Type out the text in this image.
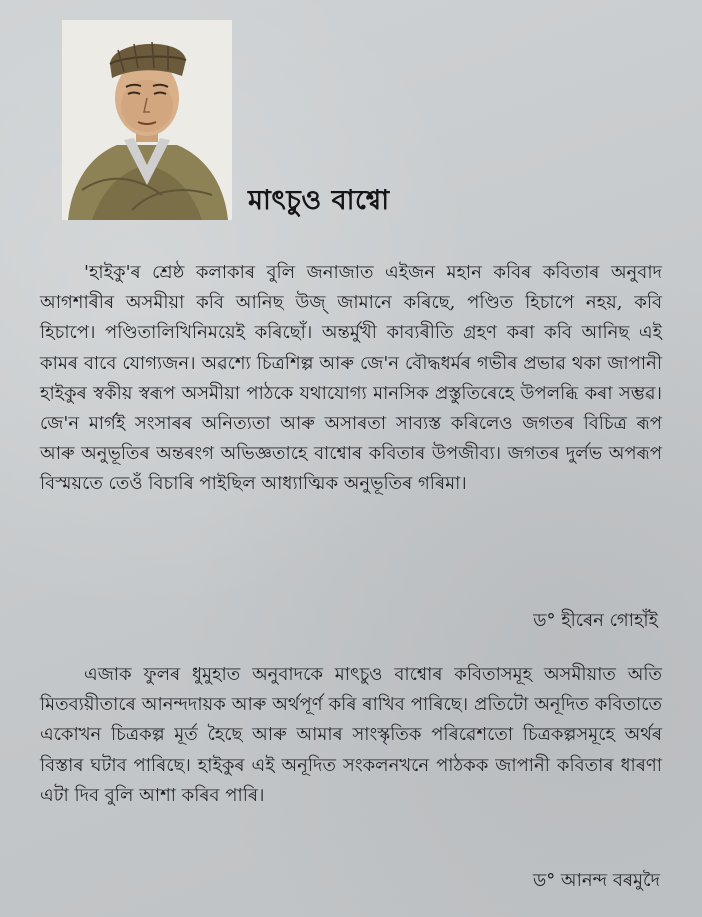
মাৎচুও বাশ্বো

'হাইকু'ৰ শ্ৰেষ্ঠ কলাকাৰ বুলি জনাজাত এইজন মহান কবিৰ কবিতাৰ অনুবাদ আগশাৰীৰ অসমীয়া কবি আনিছ উজ্ জামানে কৰিছে, পণ্ডিত হিচাপে নহয়, কবি হিচাপে। পণ্ডিতালিখিনিময়েই কৰিছোঁ। অন্তৰ্মুখী কাব্যৰীতি গ্ৰহণ কৰা কবি আনিছ এই কামৰ বাবে যোগ্যজন। অৱশ্যে চিত্ৰশিল্প আৰু জে'ন বৌদ্ধধৰ্মৰ গভীৰ প্ৰভাৱ থকা জাপানী হাইকুৰ স্বকীয় স্বৰূপ অসমীয়া পাঠকে যথাযোগ্য মানসিক প্ৰস্তুতিৰেহে উপলব্ধি কৰা সম্ভৱ। জে'ন মাৰ্গই সংসাৰৰ অনিত্যতা আৰু অসাৰতা সাব্যস্ত কৰিলেও জগতৰ বিচিত্ৰ ৰূপ আৰু অনুভূতিৰ অন্তৰংগ অভিজ্ঞতাহে বাশ্বোৰ কবিতাৰ উপজীব্য। জগতৰ দুৰ্লভ অপৰূপ বিস্ময়তে তেওঁ বিচাৰি পাইছিল আধ্যাত্মিক অনুভূতিৰ গৰিমা।

ড° হীৰেন গোহাঁই

এজাক ফুলৰ ধুমুহাত অনুবাদকে মাৎচুও বাশ্বোৰ কবিতাসমূহ অসমীয়াত অতি মিতব্যয়ীতাৰে আনন্দদায়ক আৰু অৰ্থপূৰ্ণ কৰি ৰাখিব পাৰিছে। প্ৰতিটো অনূদিত কবিতাতে একোখন চিত্ৰকল্প মূৰ্ত হৈছে আৰু আমাৰ সাংস্কৃতিক পৰিৱেশতো চিত্ৰকল্পসমূহে অৰ্থৰ বিস্তাৰ ঘটাব পাৰিছে। হাইকুৰ এই অনূদিত সংকলনখনে পাঠকক জাপানী কবিতাৰ ধাৰণা এটা দিব বুলি আশা কৰিব পাৰি।

ড° আনন্দ বৰমুদৈ
